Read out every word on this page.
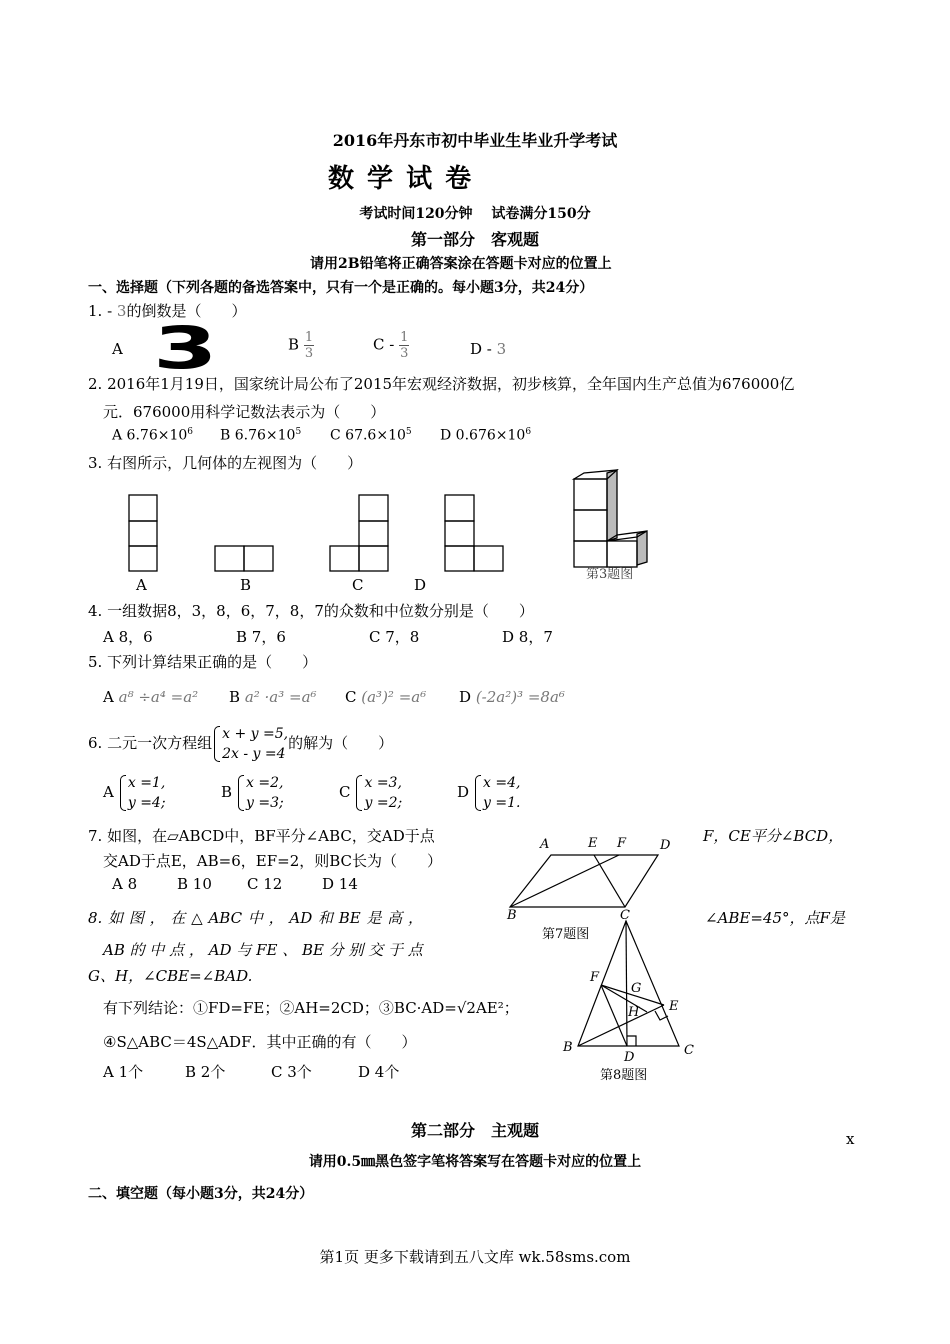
2016年丹东市初中毕业生毕业升学考试
数 学 试 卷
考试时间120分钟　 试卷满分150分
第一部分　客观题
请用2B铅笔将正确答案涂在答题卡对应的位置上
一、选择题（下列各题的备选答案中，只有一个是正确的。每小题3分，共24分）
1. - 3的倒数是（　　）
A 3	B $\frac{1}{3}$	C - $\frac{1}{3}$	D - 3
2. 2016年1月19日，国家统计局公布了2015年宏观经济数据，初步核算，全年国内生产总值为676000亿
元．676000用科学记数法表示为（　　）
A $6.76\times 10^6$ B $6.76\times 10^5$ C $67.6\times 10^5$ D $0.676\times 10^6$
3. 右图所示，几何体的左视图为（　　）
A	B	C	D
第3题图
4. 一组数据8，3，8，6，7，8，7的众数和中位数分别是（　　）
A 8，6	B 7，6	C 7，8	D 8，7
5. 下列计算结果正确的是（　　）
A a⁸ ÷a⁴ =a² B a² ·a³ =a⁶ C (a³)² =a⁶ D (-2a²)³ =8a⁶
6. 二元一次方程组 x + y =5,
2x - y =4
的解为（　　）
A x =1,
y =4;
B x =2,
y =3;
C x =3,
y =2;
D x =4,
y =1.
7. 如图，在▱ABCD中，BF平分∠ABC，交AD于点	F，CE平分∠BCD，
交AD于点E，AB=6，EF=2，则BC长为（　　）
A 8	B 10 C 12	D 14
A	E F	D
B	C
第7题图
8. 如 图 ， 在 △ ABC 中 ， AD 和 BE 是 高 ，	∠ABE=45°，点F是
AB 的 中 点 ， AD 与 FE 、 BE 分 别 交 于 点
G、H，∠CBE=∠BAD.
有下列结论：①FD=FE；②AH=2CD；③BC·AD=√2AE²；
④S△ABC＝4S△ADF．其中正确的有（　　）
A 1个	B 2个	C 3个	D 4个
F
G
E
H
B
D	C
第8题图
第二部分　主观题	x
请用0.5㎜黑色签字笔将答案写在答题卡对应的位置上
二、填空题（每小题3分，共24分）
第1页 更多下载请到五八文库 wk.58sms.com
